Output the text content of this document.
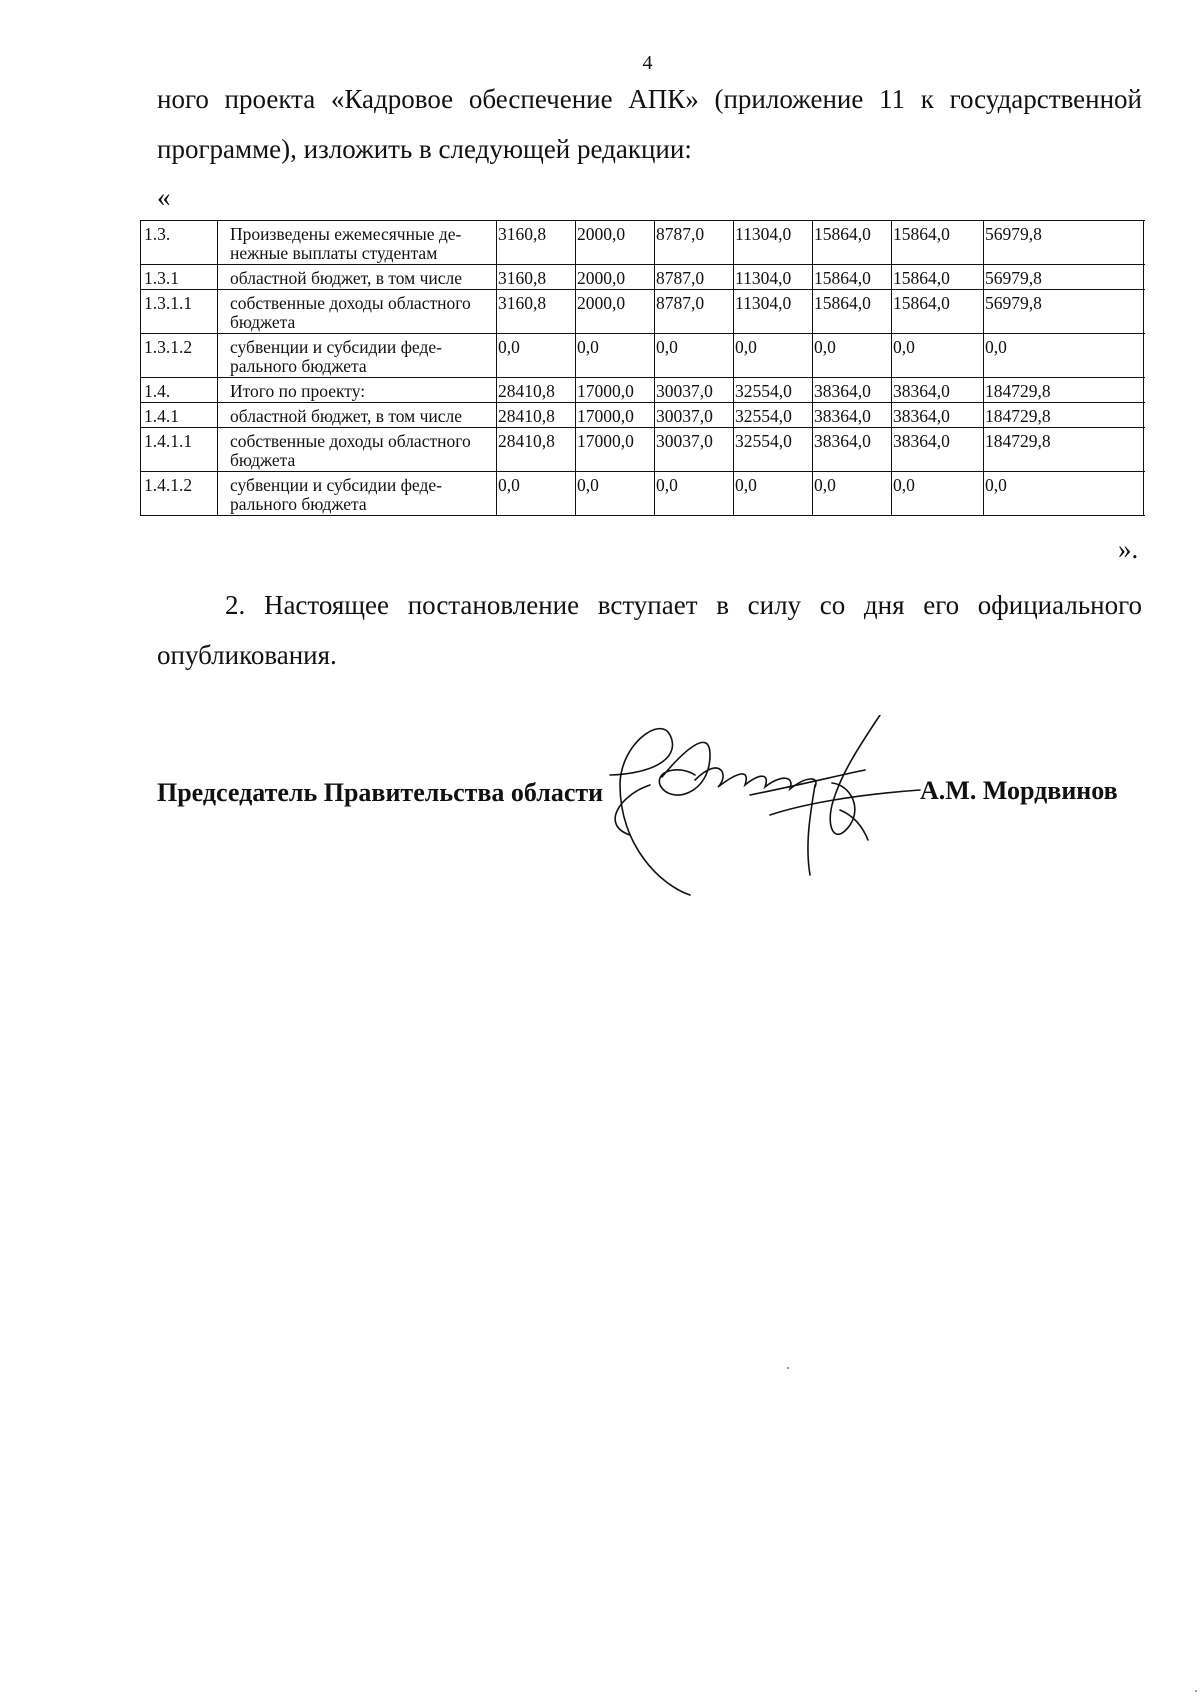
4
ного проекта «Кадровое обеспечение АПК» (приложение 11 к государственной
программе), изложить в следующей редакции:
«
1.3.	Произведены ежемесячные де-нежные выплаты студентам	3160,8	2000,0	8787,0	11304,0	15864,0	15864,0	56979,8
1.3.1	областной бюджет, в том числе	3160,8	2000,0	8787,0	11304,0	15864,0	15864,0	56979,8
1.3.1.1	собственные доходы областного бюджета	3160,8	2000,0	8787,0	11304,0	15864,0	15864,0	56979,8
1.3.1.2	субвенции и субсидии феде-рального бюджета	0,0	0,0	0,0	0,0	0,0	0,0	0,0
1.4.	Итого по проекту:	28410,8	17000,0	30037,0	32554,0	38364,0	38364,0	184729,8
1.4.1	областной бюджет, в том числе	28410,8	17000,0	30037,0	32554,0	38364,0	38364,0	184729,8
1.4.1.1	собственные доходы областного бюджета	28410,8	17000,0	30037,0	32554,0	38364,0	38364,0	184729,8
1.4.1.2	субвенции и субсидии феде-рального бюджета	0,0	0,0	0,0	0,0	0,0	0,0	0,0
».
2. Настоящее постановление вступает в силу со дня его официального
опубликования.
Председатель Правительства области	А.М. Мордвинов
